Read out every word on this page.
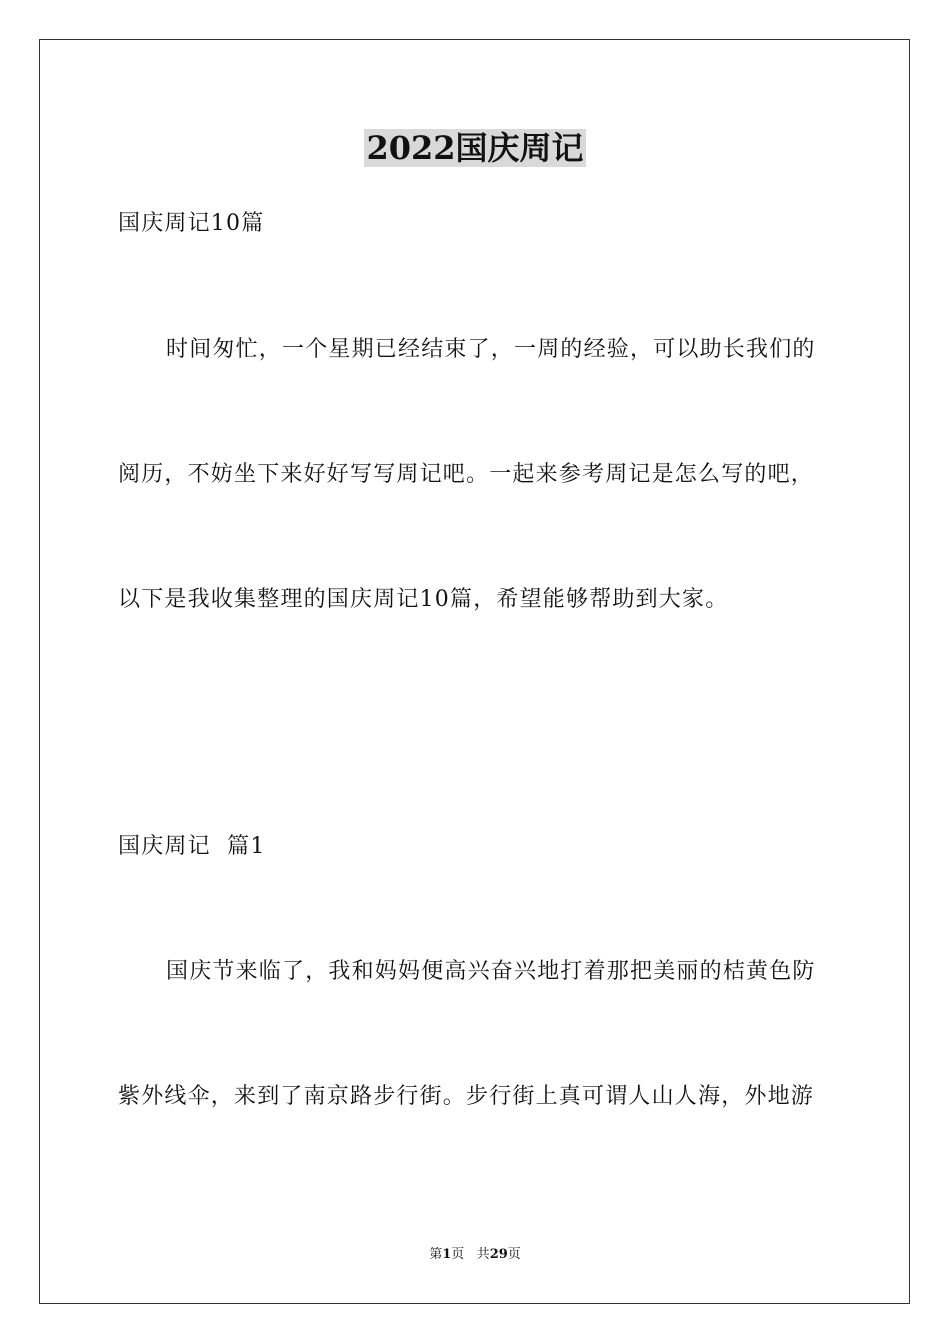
2022国庆周记
国庆周记10篇
时间匆忙，一个星期已经结束了，一周的经验，可以助长我们的
阅历，不妨坐下来好好写写周记吧。一起来参考周记是怎么写的吧，
以下是我收集整理的国庆周记10篇，希望能够帮助到大家。
国庆周记  篇1
国庆节来临了，我和妈妈便高兴奋兴地打着那把美丽的桔黄色防
紫外线伞，来到了南京路步行街。步行街上真可谓人山人海，外地游
第1页 共29页
